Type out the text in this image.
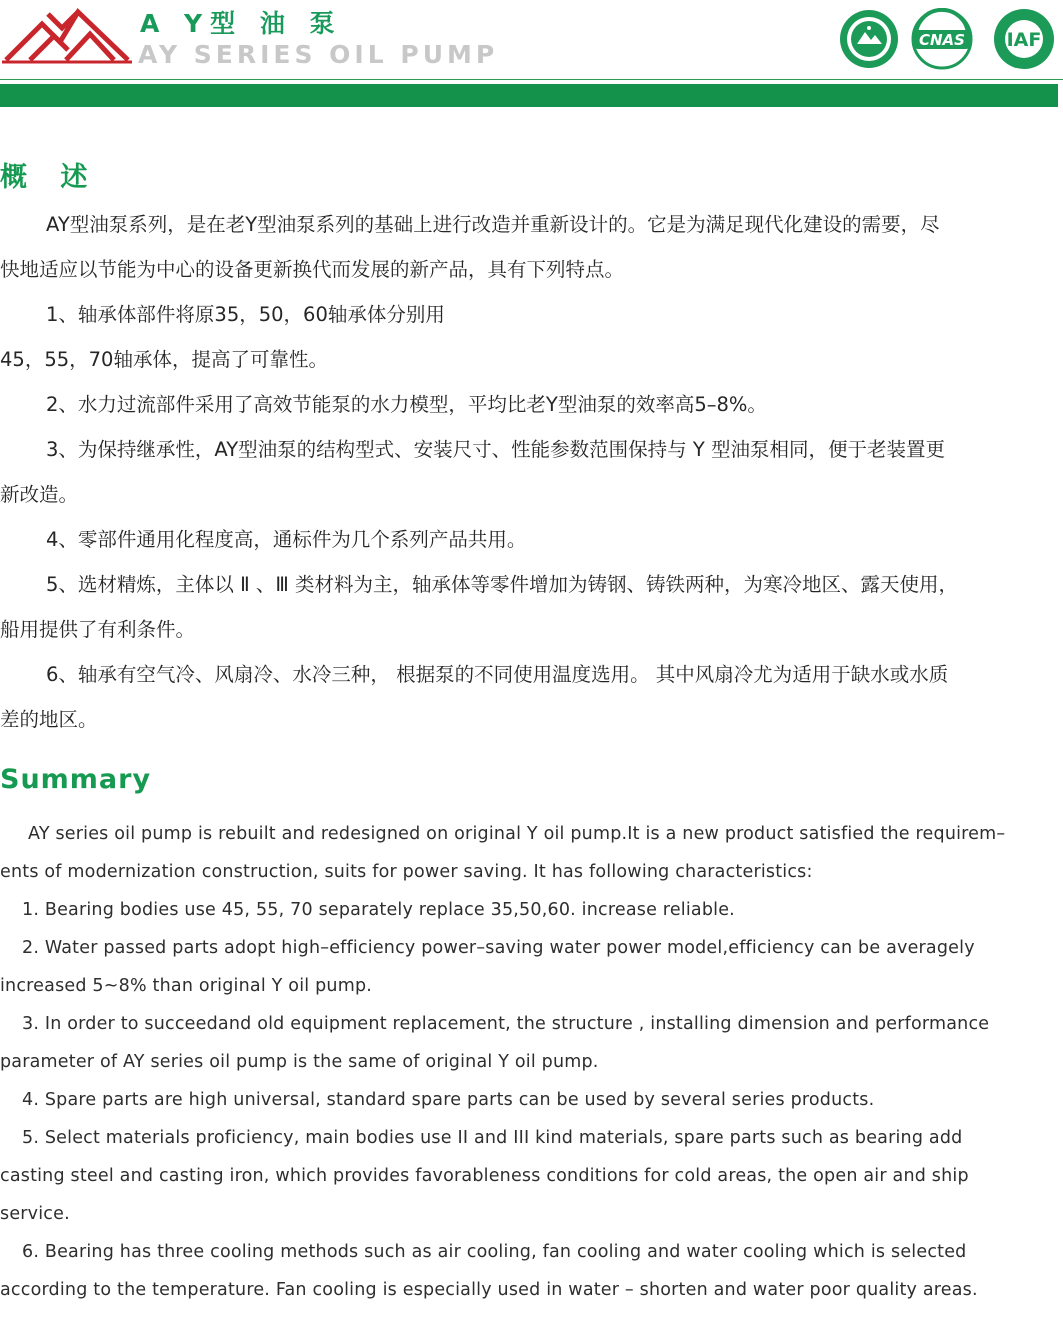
A Y型 油 泵
AY SERIES OIL PUMP	CNAS IAF
概 述
AY型油泵系列，是在老Y型油泵系列的基础上进行改造并重新设计的。它是为满足现代化建设的需要，尽
快地适应以节能为中心的设备更新换代而发展的新产品，具有下列特点。
1、轴承体部件将原35，50，60轴承体分别用
45，55，70轴承体，提高了可靠性。
2、水力过流部件采用了高效节能泵的水力模型，平均比老Y型油泵的效率高5–8%。
3、为保持继承性，AY型油泵的结构型式、安装尺寸、性能参数范围保持与 Y 型油泵相同，便于老装置更
新改造。
4、零部件通用化程度高，通标件为几个系列产品共用。
5、选材精炼，主体以 Ⅱ 、Ⅲ 类材料为主，轴承体等零件增加为铸钢、铸铁两种，为寒冷地区、露天使用，
船用提供了有利条件。
6、轴承有空气冷、风扇冷、水冷三种， 根据泵的不同使用温度选用。 其中风扇冷尤为适用于缺水或水质
差的地区。
Summary
AY series oil pump is rebuilt and redesigned on original Y oil pump.It is a new product satisfied the requirem–
ents of modernization construction, suits for power saving. It has following characteristics:
1. Bearing bodies use 45, 55, 70 separately replace 35,50,60. increase reliable.
2. Water passed parts adopt high–efficiency power–saving water power model,efficiency can be averagely
increased 5~8% than original Y oil pump.
3. In order to succeedand old equipment replacement, the structure , installing dimension and performance
parameter of AY series oil pump is the same of original Y oil pump.
4. Spare parts are high universal, standard spare parts can be used by several series products.
5. Select materials proficiency, main bodies use II and III kind materials, spare parts such as bearing add
casting steel and casting iron, which provides favorableness conditions for cold areas, the open air and ship
service.
6. Bearing has three cooling methods such as air cooling, fan cooling and water cooling which is selected
according to the temperature. Fan cooling is especially used in water – shorten and water poor quality areas.
